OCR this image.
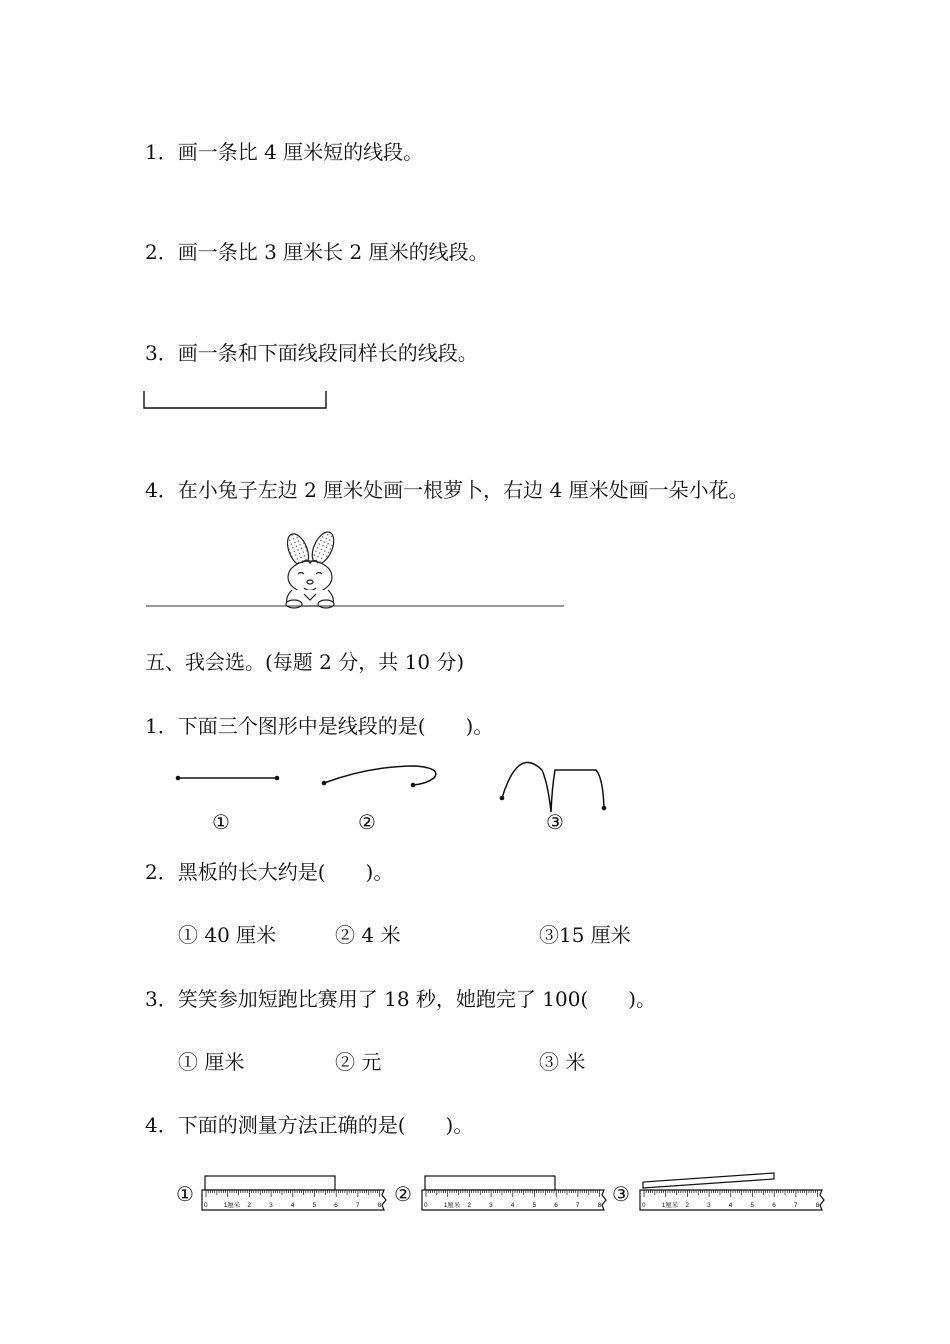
1．画一条比 4 厘米短的线段。
2．画一条比 3 厘米长 2 厘米的线段。
3．画一条和下面线段同样长的线段。
4．在小兔子左边 2 厘米处画一根萝卜，右边 4 厘米处画一朵小花。
五、我会选。(每题 2 分，共 10 分)
1．下面三个图形中是线段的是(　　)。
①	②	③
2．黑板的长大约是(　　)。
① 40 厘米	② 4 米	③15 厘米
3．笑笑参加短跑比赛用了 18 秒，她跑完了 100(　　)。
① 厘米	② 元	③ 米
4．下面的测量方法正确的是(　　)。
① 0 1厘米 2	3	4	5	6	7	8 ② 0 1厘米 2	3	4	5	6	7	8 ③ 0 1厘米 2	3	4	5	6	7	8
